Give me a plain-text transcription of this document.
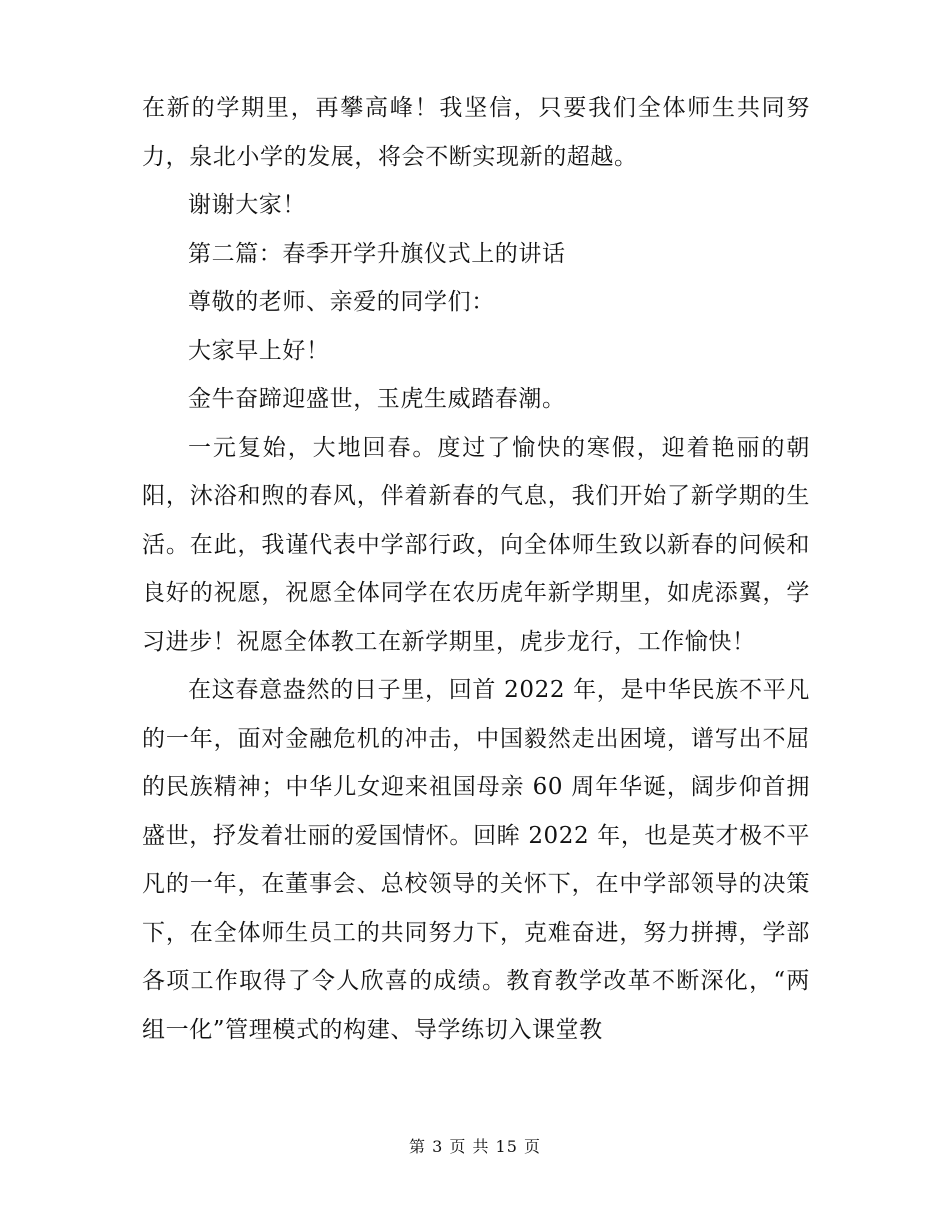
在新的学期里，再攀高峰！我坚信，只要我们全体师生共同努力，泉北小学的发展，将会不断实现新的超越。

谢谢大家！

第二篇：春季开学升旗仪式上的讲话

尊敬的老师、亲爱的同学们：

大家早上好！

金牛奋蹄迎盛世，玉虎生威踏春潮。

一元复始，大地回春。度过了愉快的寒假，迎着艳丽的朝阳，沐浴和煦的春风，伴着新春的气息，我们开始了新学期的生活。在此，我谨代表中学部行政，向全体师生致以新春的问候和良好的祝愿，祝愿全体同学在农历虎年新学期里，如虎添翼，学习进步！祝愿全体教工在新学期里，虎步龙行，工作愉快！

在这春意盎然的日子里，回首 2022 年，是中华民族不平凡的一年，面对金融危机的冲击，中国毅然走出困境，谱写出不屈的民族精神；中华儿女迎来祖国母亲 60 周年华诞，阔步仰首拥盛世，抒发着壮丽的爱国情怀。回眸 2022 年，也是英才极不平凡的一年，在董事会、总校领导的关怀下，在中学部领导的决策下，在全体师生员工的共同努力下，克难奋进，努力拼搏，学部各项工作取得了令人欣喜的成绩。教育教学改革不断深化，“两组一化”管理模式的构建、导学练切入课堂教

第 3 页 共 15 页
